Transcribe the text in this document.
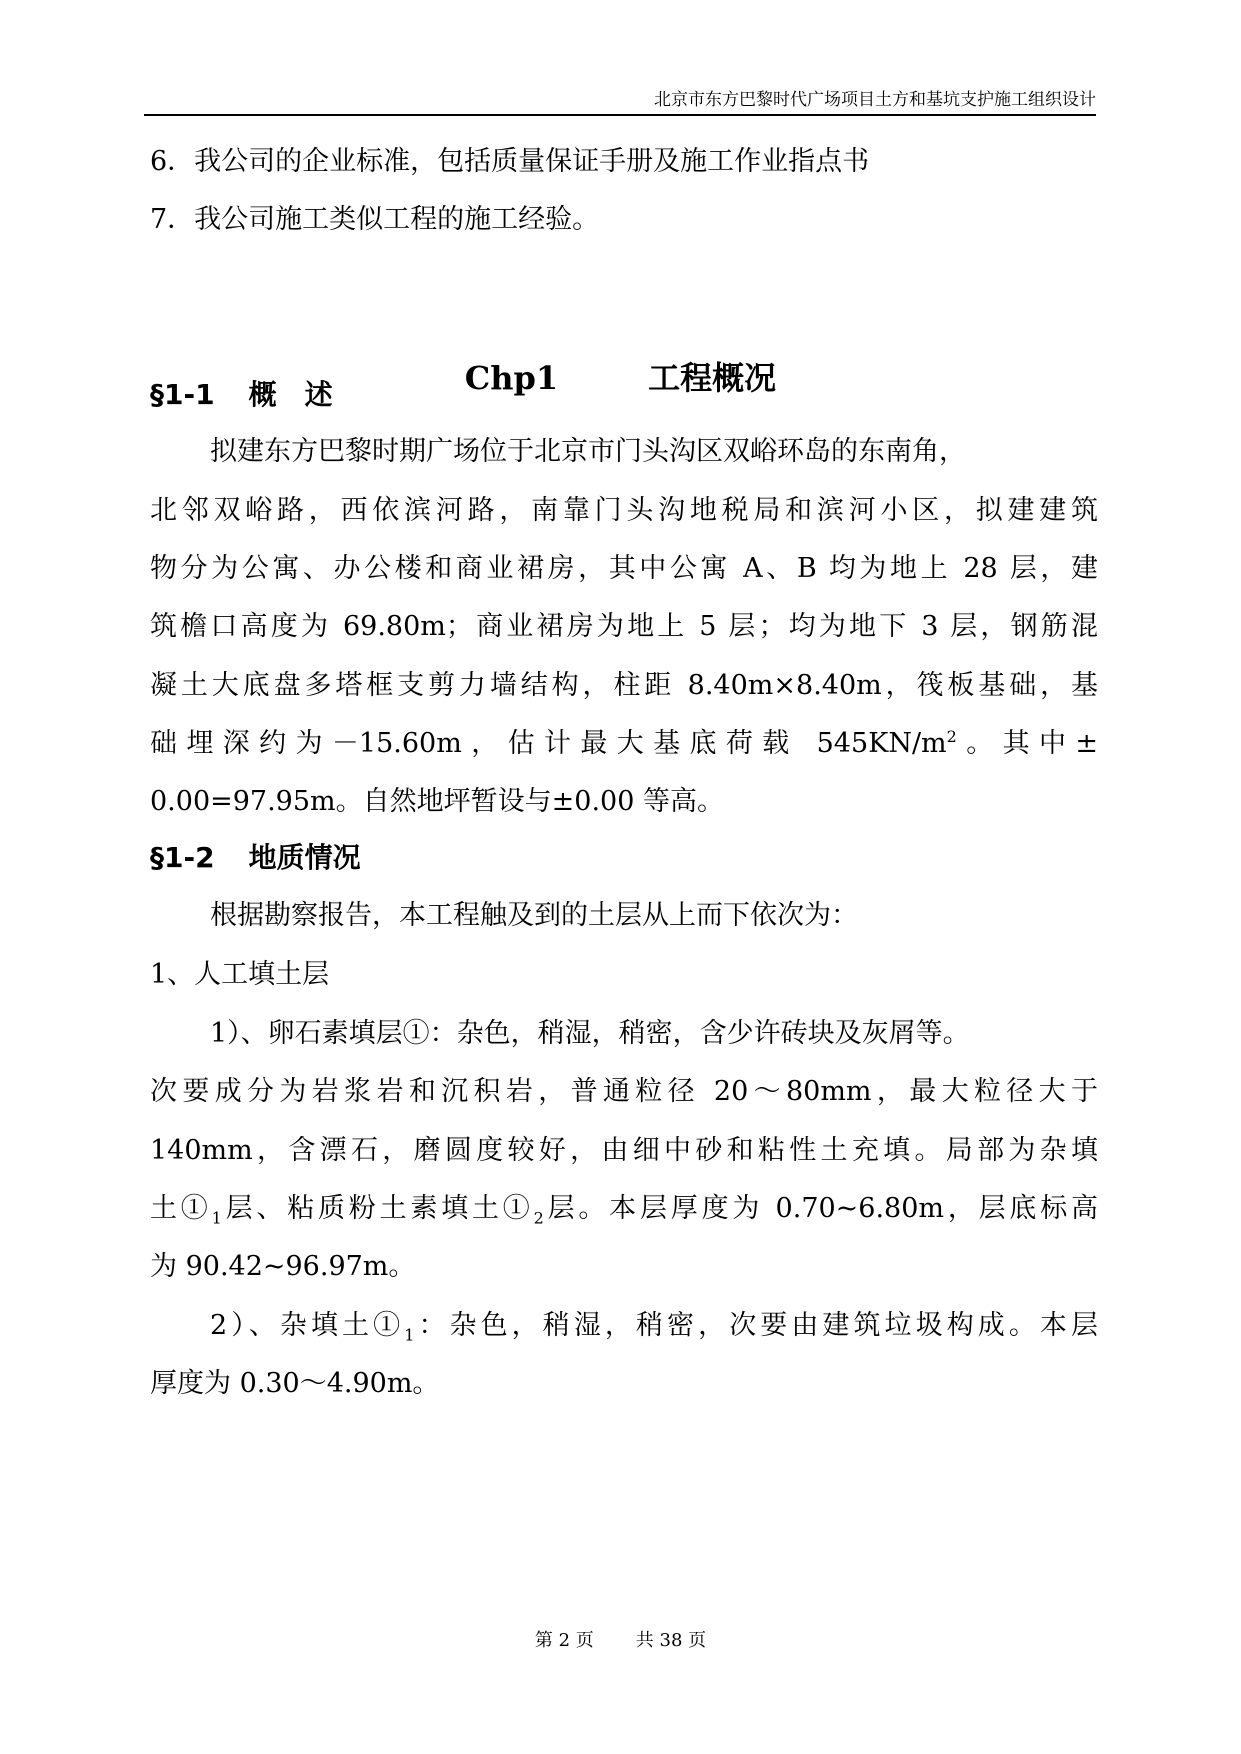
北京市东方巴黎时代广场项目土方和基坑支护施工组织设计
6．我公司的企业标准，包括质量保证手册及施工作业指点书
7．我公司施工类似工程的施工经验。
Chp1	工程概况
§1-1 概　述
拟建东方巴黎时期广场位于北京市门头沟区双峪环岛的东南角，
北邻双峪路，西依滨河路，南靠门头沟地税局和滨河小区，拟建建筑
物分为公寓、办公楼和商业裙房，其中公寓 A、B 均为地上 28 层，建
筑檐口高度为 69.80m；商业裙房为地上 5 层；均为地下 3 层，钢筋混
凝土大底盘多塔框支剪力墙结构，柱距 8.40m×8.40m，筏板基础，基
础埋深约为－15.60m，估计最大基底荷载 $545KN/m^2$。其中±
0.00=97.95m。自然地坪暂设与±0.00 等高。
§1-2 地质情况
根据勘察报告，本工程触及到的土层从上而下依次为：
1、人工填土层
1）、卵石素填层①：杂色，稍湿，稍密，含少许砖块及灰屑等。
次要成分为岩浆岩和沉积岩，普通粒径 20～80mm，最大粒径大于
140mm，含漂石，磨圆度较好，由细中砂和粘性土充填。局部为杂填
土$①_1$层、粘质粉土素填土$①_2$层。本层厚度为 0.70~6.80m，层底标高
为 90.42~96.97m。
2）、杂填土$①_1$：杂色，稍湿，稍密，次要由建筑垃圾构成。本层
厚度为 0.30～4.90m。
第 2 页 共 38 页
